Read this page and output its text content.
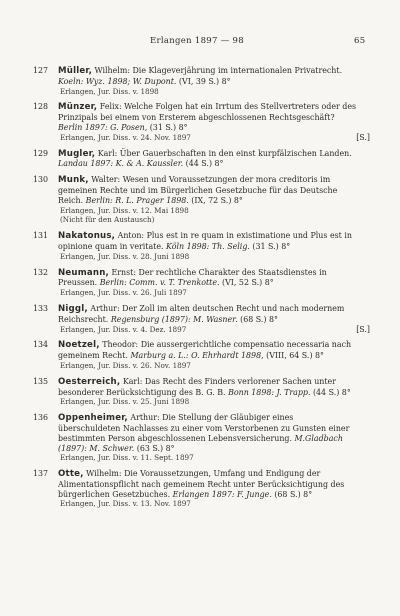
Erlangen 1897 — 98	65
127 Müller, Wilhelm: Die Klageverjährung im internationalen Privatrecht. Koeln: Wyz. 1898; W. Dupont. (VI, 39 S.) 8°

Erlangen, Jur. Diss. v. 1898

128 Münzer, Felix: Welche Folgen hat ein Irrtum des Stellvertreters oder des Prinzipals bei einem von Ersterem abgeschlossenen Rechtsgeschäft? Berlin 1897: G. Posen, (31 S.) 8°

Erlangen, Jur. Diss. v. 24. Nov. 1897	[S.]
129 Mugler, Karl: Über Gauerbschaften in den einst kurpfälzischen Landen. Landau 1897: K. & A. Kaussler. (44 S.) 8°

130 Munk, Walter: Wesen und Voraussetzungen der mora creditoris im gemeinen Rechte und im Bürgerlichen Gesetzbuche für das Deutsche Reich. Berlin: R. L. Prager 1898. (IX, 72 S.) 8°

Erlangen, Jur. Diss. v. 12. Mai 1898
(Nicht für den Austausch)

131 Nakatonus, Anton: Plus est in re quam in existimatione und Plus est in opinione quam in veritate. Köln 1898: Th. Selig. (31 S.) 8°

Erlangen, Jur. Diss. v. 28. Juni 1898

132 Neumann, Ernst: Der rechtliche Charakter des Staatsdienstes in Preussen. Berlin: Comm. v. T. Trenkotte. (VI, 52 S.) 8°

Erlangen, Jur. Diss. v. 26. Juli 1897

133 Niggl, Arthur: Der Zoll im alten deutschen Recht und nach modernem Reichsrecht. Regensburg (1897): M. Wasner. (68 S.) 8°

Erlangen, Jur. Diss. v. 4. Dez. 1897	[S.]
134 Noetzel, Theodor: Die aussergerichtliche compensatio necessaria nach gemeinem Recht. Marburg a. L.: O. Ehrhardt 1898, (VIII, 64 S.) 8°

Erlangen, Jur. Diss. v. 26. Nov. 1897

135 Oesterreich, Karl: Das Recht des Finders verlorener Sachen unter besonderer Berücksichtigung des B. G. B. Bonn 1898: J. Trapp. (44 S.) 8°

Erlangen, Jur. Diss. v. 25. Juni 1898

136 Oppenheimer, Arthur: Die Stellung der Gläubiger eines überschuldeten Nachlasses zu einer vom Verstorbenen zu Gunsten einer bestimmten Person abgeschlossenen Lebensversicherung. M.Gladbach (1897): M. Schwer. (63 S.) 8°

Erlangen, Jur. Diss. v. 11. Sept. 1897

137 Otte, Wilhelm: Die Voraussetzungen, Umfang und Endigung der Alimentationspflicht nach gemeinem Recht unter Berücksichtigung des bürgerlichen Gesetzbuches. Erlangen 1897: F. Junge. (68 S.) 8°

Erlangen, Jur. Diss. v. 13. Nov. 1897
